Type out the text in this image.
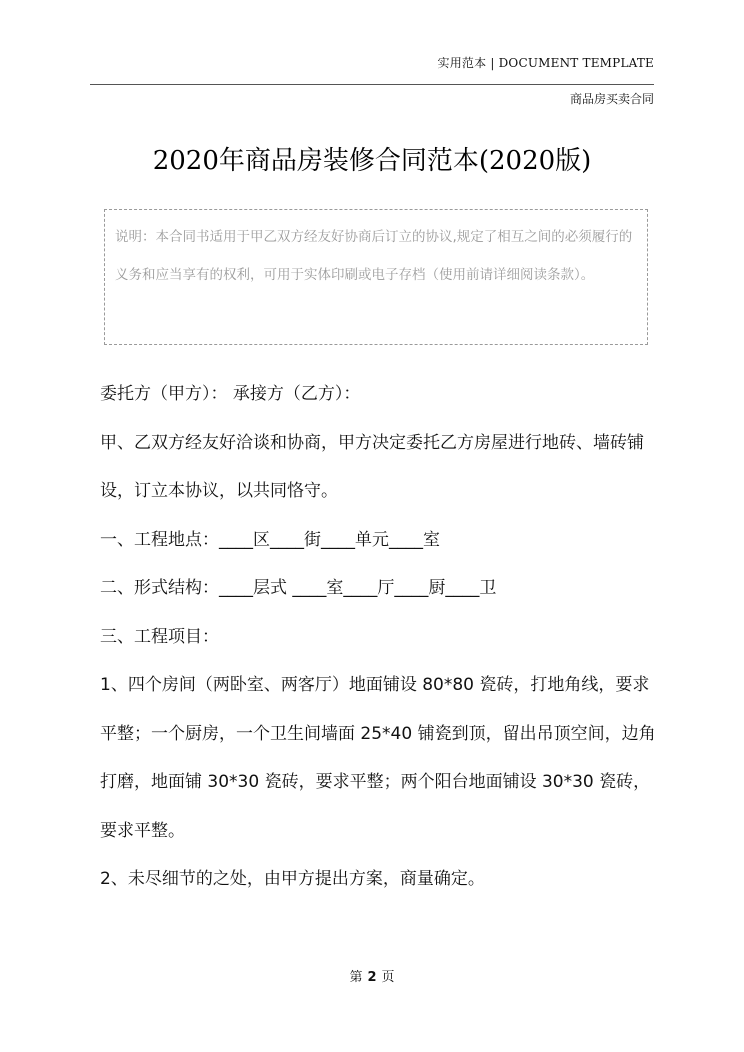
实用范本 | DOCUMENT TEMPLATE
商品房买卖合同
2020年商品房装修合同范本(2020版)
说明：本合同书适用于甲乙双方经友好协商后订立的协议,规定了相互之间的必须履行的义务和应当享有的权利，可用于实体印刷或电子存档（使用前请详细阅读条款）。

委托方（甲方）： 承接方（乙方）：

甲、乙双方经友好洽谈和协商，甲方决定委托乙方房屋进行地砖、墙砖铺设，订立本协议，以共同恪守。

一、工程地点：____区____街____单元____室

二、形式结构：____层式 ____室____厅____厨____卫

三、工程项目：

1、四个房间（两卧室、两客厅）地面铺设 80*80 瓷砖，打地角线，要求平整；一个厨房，一个卫生间墙面 25*40 铺瓷到顶，留出吊顶空间，边角打磨，地面铺 30*30 瓷砖，要求平整；两个阳台地面铺设 30*30 瓷砖，要求平整。

2、未尽细节的之处，由甲方提出方案，商量确定。

第 2 页
